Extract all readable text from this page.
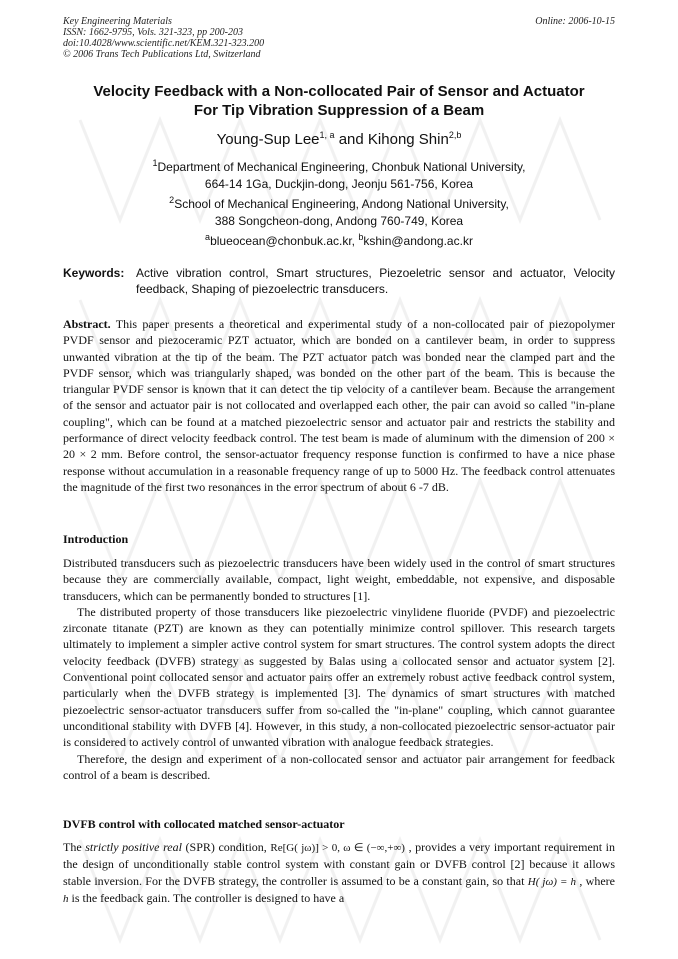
Key Engineering Materials
ISSN: 1662-9795, Vols. 321-323, pp 200-203
doi:10.4028/www.scientific.net/KEM.321-323.200
© 2006 Trans Tech Publications Ltd, Switzerland
Online: 2006-10-15
Velocity Feedback with a Non-collocated Pair of Sensor and Actuator
For Tip Vibration Suppression of a Beam
Young-Sup Lee$^{1, a}$ and Kihong Shin$^{2,b}$
$^1$Department of Mechanical Engineering, Chonbuk National University,
664-14 1Ga, Duckjin-dong, Jeonju 561-756, Korea
$^2$School of Mechanical Engineering, Andong National University,
388 Songcheon-dong, Andong 760-749, Korea
$^a$blueocean@chonbuk.ac.kr, $^b$kshin@andong.ac.kr
Keywords: Active vibration control, Smart structures, Piezoeletric sensor and actuator, Velocity feedback, Shaping of piezoelectric transducers.

Abstract. This paper presents a theoretical and experimental study of a non-collocated pair of piezopolymer PVDF sensor and piezoceramic PZT actuator, which are bonded on a cantilever beam, in order to suppress unwanted vibration at the tip of the beam. The PZT actuator patch was bonded near the clamped part and the PVDF sensor, which was triangularly shaped, was bonded on the other part of the beam. This is because the triangular PVDF sensor is known that it can detect the tip velocity of a cantilever beam. Because the arrangement of the sensor and actuator pair is not collocated and overlapped each other, the pair can avoid so called "in-plane coupling", which can be found at a matched piezoelectric sensor and actuator pair and restricts the stability and performance of direct velocity feedback control. The test beam is made of aluminum with the dimension of 200 × 20 × 2 mm. Before control, the sensor-actuator frequency response function is confirmed to have a nice phase response without accumulation in a reasonable frequency range of up to 5000 Hz. The feedback control attenuates the magnitude of the first two resonances in the error spectrum of about 6 -7 dB.

Introduction

Distributed transducers such as piezoelectric transducers have been widely used in the control of smart structures because they are commercially available, compact, light weight, embeddable, not expensive, and disposable transducers, which can be permanently bonded to structures [1].

The distributed property of those transducers like piezoelectric vinylidene fluoride (PVDF) and piezoelectric zirconate titanate (PZT) are known as they can potentially minimize control spillover. This research targets ultimately to implement a simpler active control system for smart structures. The control system adopts the direct velocity feedback (DVFB) strategy as suggested by Balas using a collocated sensor and actuator system [2]. Conventional point collocated sensor and actuator pairs offer an extremely robust active feedback control system, particularly when the DVFB strategy is implemented [3]. The dynamics of smart structures with matched piezoelectric sensor-actuator transducers suffer from so-called the "in-plane" coupling, which cannot guarantee unconditional stability with DVFB [4]. However, in this study, a non-collocated piezoelectric sensor-actuator pair is considered to actively control of unwanted vibration with analogue feedback strategies.

Therefore, the design and experiment of a non-collocated sensor and actuator pair arrangement for feedback control of a beam is described.

DVFB control with collocated matched sensor-actuator

The strictly positive real (SPR) condition, Re[G( jω)] > 0, ω ∈ (−∞,+∞) , provides a very important requirement in the design of unconditionally stable control system with constant gain or DVFB control [2] because it allows stable inversion. For the DVFB strategy, the controller is assumed to be a constant gain, so that H( jω) = h , where h is the feedback gain. The controller is designed to have a
